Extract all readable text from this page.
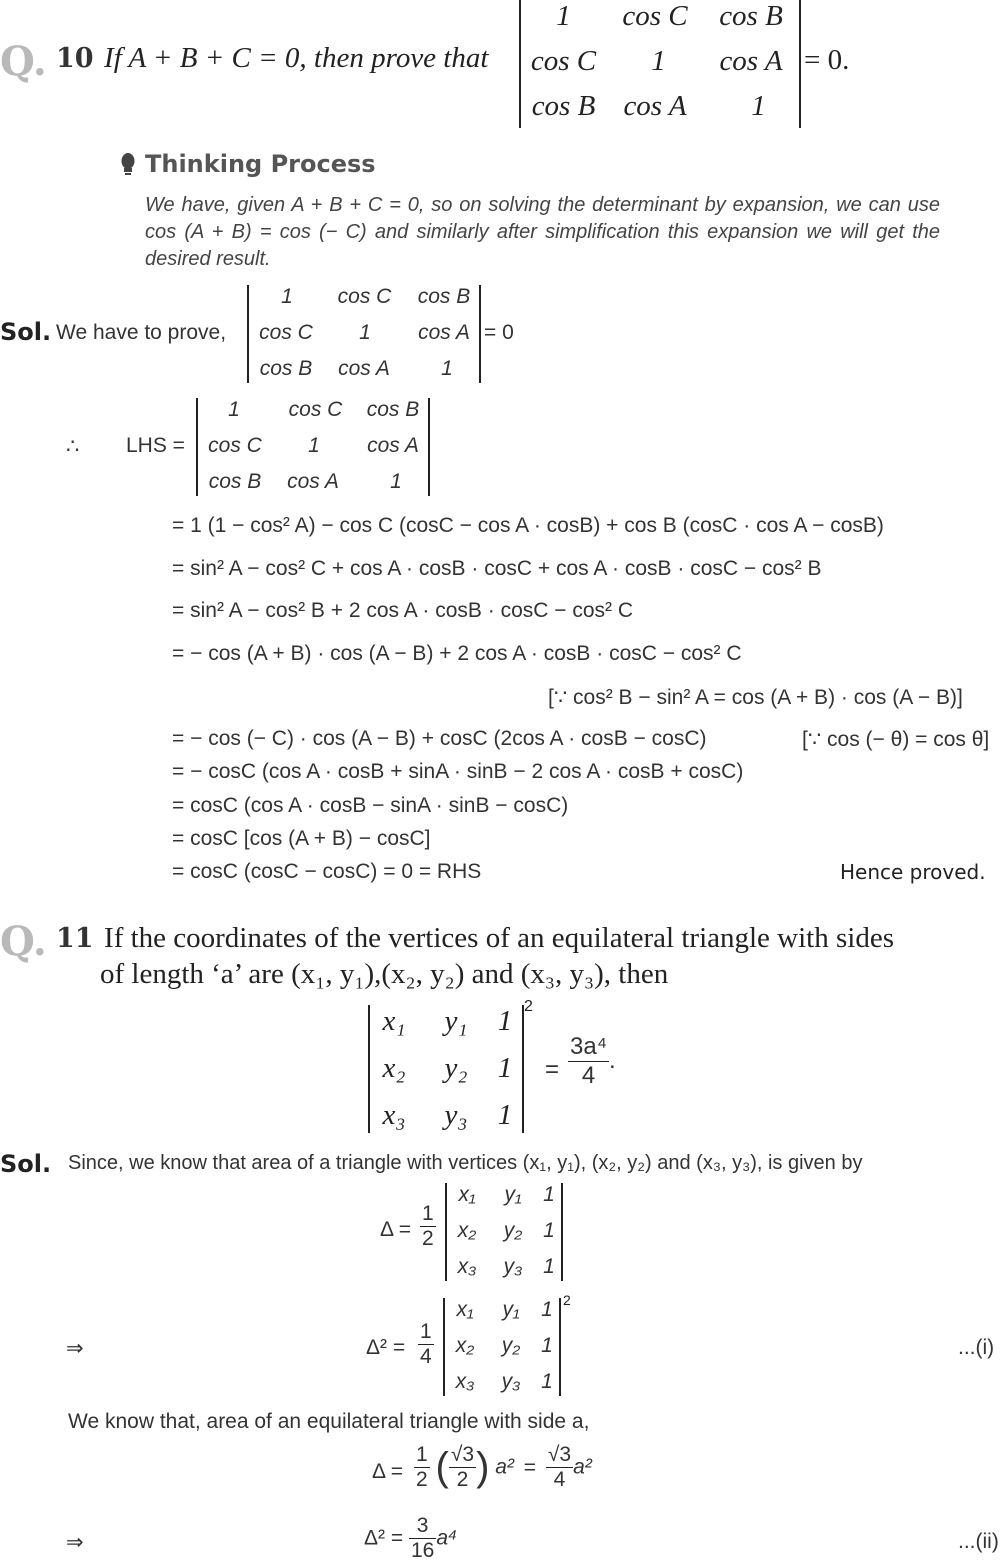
Q. 10 If A + B + C = 0, then prove that
1	cos C cos B
cos C	1	cos A
cos B cos A	1
= 0.
Thinking Process
We have, given A + B + C = 0, so on solving the determinant by expansion, we can use cos (A + B) = cos (− C) and similarly after simplification this expansion we will get the desired result.
Sol. We have to prove,
1	cos C	cos B
cos C	1	cos A
cos B	cos A	1
= 0
∴ LHS =
1	cos C	cos B
cos C	1	cos A
cos B	cos A	1
= 1 (1 − cos² A) − cos C (cosC − cos A · cosB) + cos B (cosC · cos A − cosB)
= sin² A − cos² C + cos A · cosB · cosC + cos A · cosB · cosC − cos² B
= sin² A − cos² B + 2 cos A · cosB · cosC − cos² C
= − cos (A + B) · cos (A − B) + 2 cos A · cosB · cosC − cos² C
[∵ cos² B − sin² A = cos (A + B) · cos (A − B)]
= − cos (− C) · cos (A − B) + cosC (2cos A · cosB − cosC)	[∵ cos (− θ) = cos θ]
= − cosC (cos A · cosB + sinA · sinB − 2 cos A · cosB + cosC)
= cosC (cos A · cosB − sinA · sinB − cosC)
= cosC [cos (A + B) − cosC]
= cosC (cosC − cosC) = 0 = RHS	Hence proved.
Q. 11 If the coordinates of the vertices of an equilateral triangle with sides
of length ‘a’ are (x₁, y₁),(x₂, y₂) and (x₃, y₃), then
x₁ y₁ 1
x₂ y₂ 1
x₃ y₃ 1
2
= $\frac{\text{3a⁴}}{4}$ .
Sol. Since, we know that area of a triangle with vertices (x₁, y₁), (x₂, y₂) and (x₃, y₃), is given by
$\Delta = \frac{1}{2}$
x₁	y₁	1
x₂	y₂ 1
x₃	y₃ 1
⇒	$\Delta^2 = \frac{1}{4}$
x₁	y₁	1
x₂	y₂ 1
x₃	y₃ 1
2
...(i)
We know that, area of an equilateral triangle with side a,
$\Delta = \frac{1}{2}$ ( $\frac{√3}{2}$ ) $a^2 = \frac{√3}{4} a^2$
⇒	$\Delta^2 = \frac{3}{16} a^4$	...(ii)
